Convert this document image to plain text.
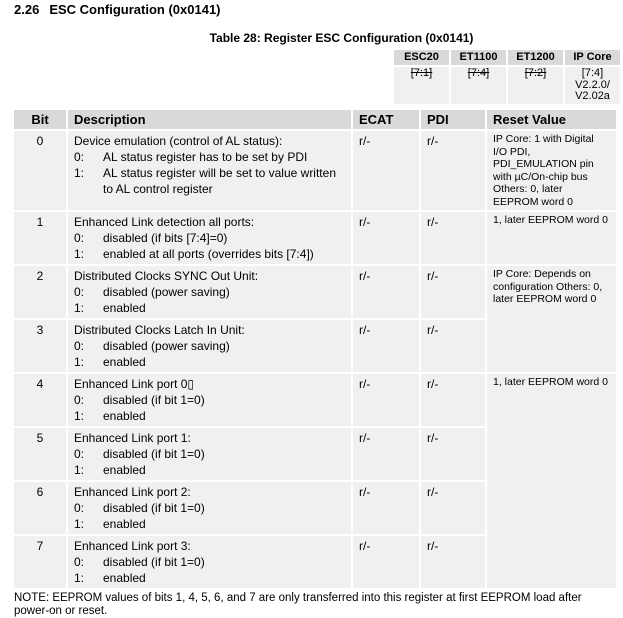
2.26 ESC Configuration (0x0141)
Table 28: Register ESC Configuration (0x0141)
ESC20	ET1100	ET1200	IP Core
[7:1]	[7:4]	[7:2]	[7:4]
V2.2.0/ V2.02a
Bit	Description	ECAT	PDI	Reset Value
0	Device emulation (control of AL status):
0: AL status register has to be set by PDI
1: AL status register will be set to value written to AL control register	r/-	r/-	IP Core: 1 with Digital I/O PDI, PDI_EMULATION pin with µC/On-chip bus Others: 0, later EEPROM word 0
1	Enhanced Link detection all ports:
0: disabled (if bits [7:4]=0)
1: enabled at all ports (overrides bits [7:4])	r/-	r/-	1, later EEPROM word 0
2	Distributed Clocks SYNC Out Unit:
0: disabled (power saving)
1: enabled	r/-	r/-	IP Core: Depends on configuration Others: 0, later EEPROM word 0
3	Distributed Clocks Latch In Unit:
0: disabled (power saving)
1: enabled	r/-	r/-	
4	Enhanced Link port 0▯
0: disabled (if bit 1=0)
1: enabled	r/-	r/-	1, later EEPROM word 0
5	Enhanced Link port 1:
0: disabled (if bit 1=0)
1: enabled	r/-	r/-	
6	Enhanced Link port 2:
0: disabled (if bit 1=0)
1: enabled	r/-	r/-	
7	Enhanced Link port 3:
0: disabled (if bit 1=0)
1: enabled	r/-	r/-	
NOTE: EEPROM values of bits 1, 4, 5, 6, and 7 are only transferred into this register at first EEPROM load after power-on or reset.
